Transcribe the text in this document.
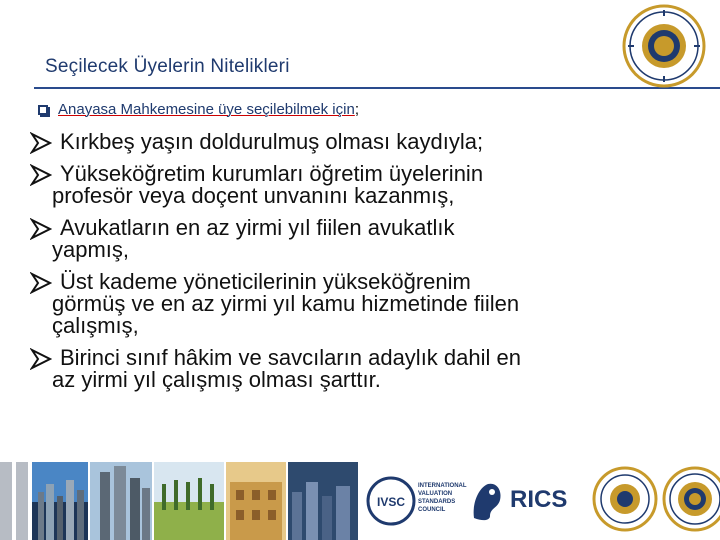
Seçilecek Üyelerin Nitelikleri
Anayasa Mahkemesine üye seçilebilmek için ;
Kırkbeş yaşın doldurulmuş olması kaydıyla;
Yükseköğretim kurumları öğretim üyelerinin
profesör veya doçent unvanını kazanmış,
Avukatların en az yirmi yıl fiilen avukatlık
yapmış,
Üst kademe yöneticilerinin yükseköğrenim
görmüş ve en az yirmi yıl kamu hizmetinde fiilen
çalışmış,
Birinci sınıf hâkim ve savcıların adaylık dahil en
az yirmi yıl çalışmış olması şarttır.
IVSC
INTERNATIONAL
VALUATION
STANDARDS
COUNCIL	RICS
